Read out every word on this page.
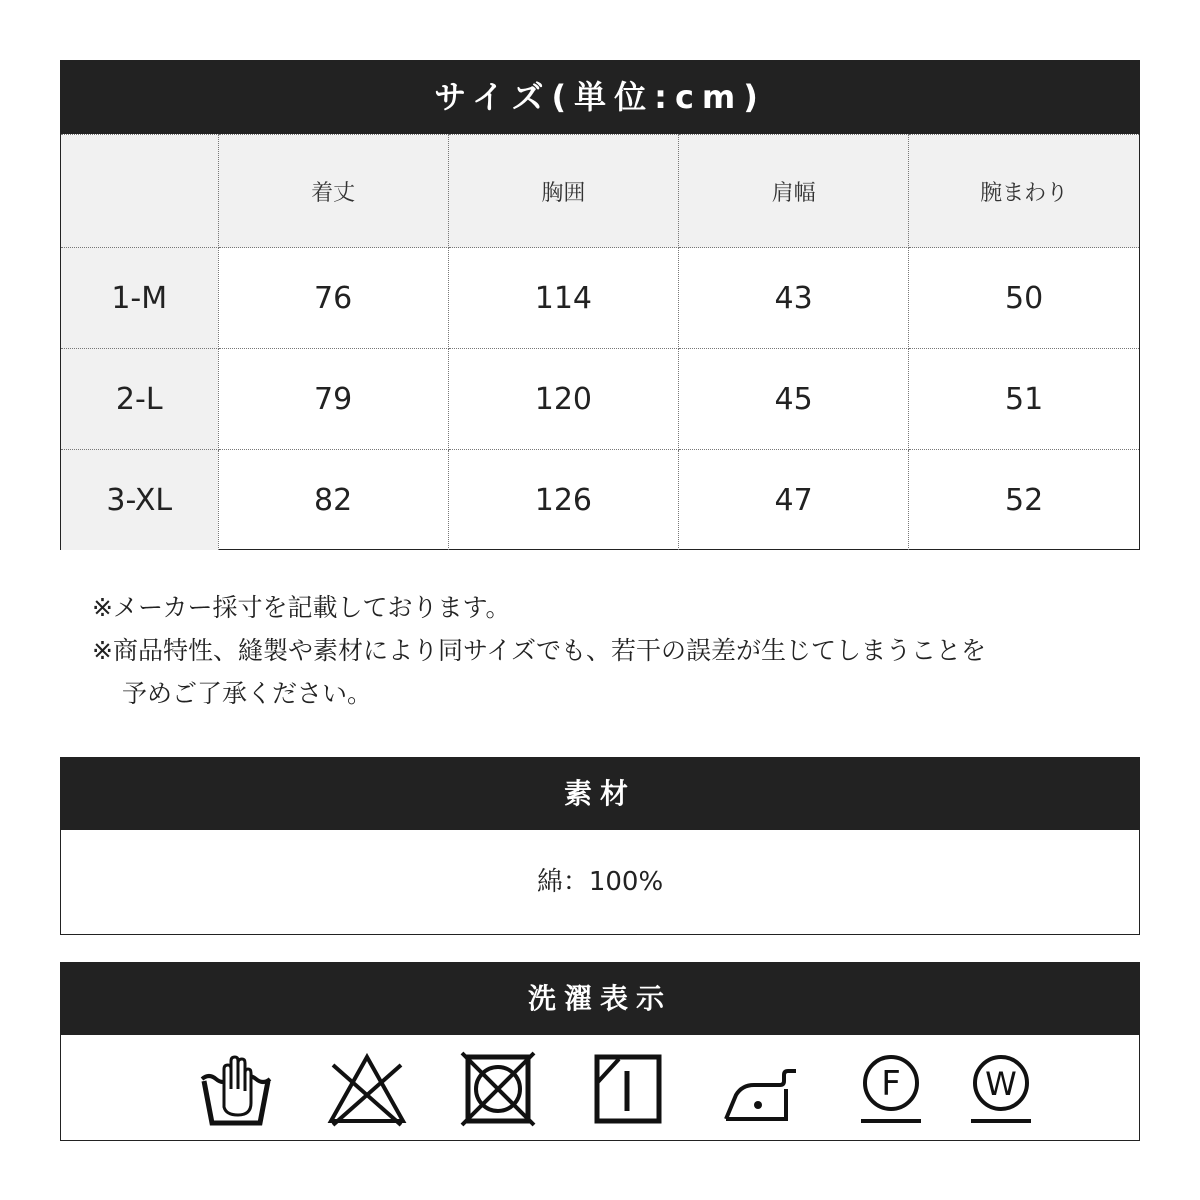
サイズ(単位:cm)
	着丈	胸囲	肩幅	腕まわり
1-M	76	114	43	50
2-L	79	120	45	51
3-XL	82	126	47	52

※メーカー採寸を記載しております。

※商品特性、縫製や素材により同サイズでも、若干の誤差が生じてしまうことを

予めご了承ください。

素材
綿：100%
洗濯表示
F	W
